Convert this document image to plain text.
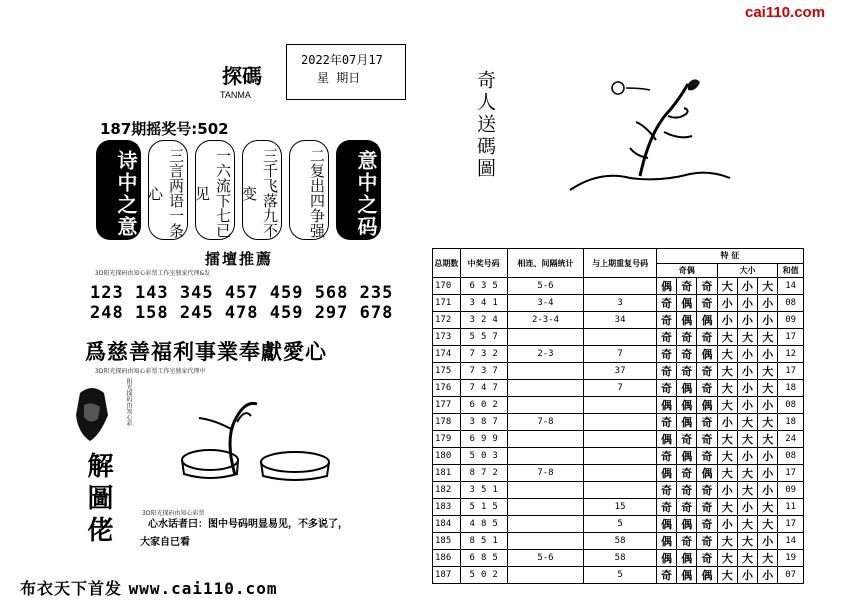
cai110.com
探碼
TANMA
2022年07月17
星 期日
187期摇奖号:502
诗中之意	三言两语一条心	一六流下七已见	三千飞落九不变	二复出四争强	意中之码
擂壇推薦
3D阳光探码由知心彩票工作室独家代理&发
123 143 345 457 459 568 235
248 158 245 478 459 297 678
爲慈善福利事業奉獻愛心
3D阳光探码由知心彩票工作室独家代理中
阳光探码由知心彩
解圖佬	3D阳光探码由知心彩票
心水话者曰：图中号码明显易见，不多说了，
大家自已看
奇人送碼圖
总期数	中奖号码	相连、间隔统计	与上期重复号码	特 征						
				奇偶			大小			和值
170	6 3 5	5-6		偶	奇	奇	大	小	大	14
171	3 4 1	3-4	3	奇	偶	奇	小	小	小	08
172	3 2 4	2-3-4	34	奇	偶	偶	小	小	小	09
173	5 5 7			奇	奇	奇	大	大	大	17
174	7 3 2	2-3	7	奇	奇	偶	大	小	小	12
175	7 3 7		37	奇	奇	奇	大	小	大	17
176	7 4 7		7	奇	偶	奇	大	小	大	18
177	6 0 2			偶	偶	偶	大	小	小	08
178	3 8 7	7-8		奇	偶	奇	小	大	大	18
179	6 9 9			偶	奇	奇	大	大	大	24
180	5 0 3			奇	偶	奇	大	小	小	08
181	8 7 2	7-8		偶	奇	偶	大	大	小	17
182	3 5 1			奇	奇	奇	小	大	小	09
183	5 1 5		15	奇	奇	奇	大	小	大	11
184	4 8 5		5	偶	偶	奇	小	大	大	17
185	8 5 1		58	偶	奇	奇	大	大	小	14
186	6 8 5	5-6	58	偶	偶	奇	大	大	大	19
187	5 0 2		5	奇	偶	偶	大	小	小	07
布衣天下首发 www.cai110.com
